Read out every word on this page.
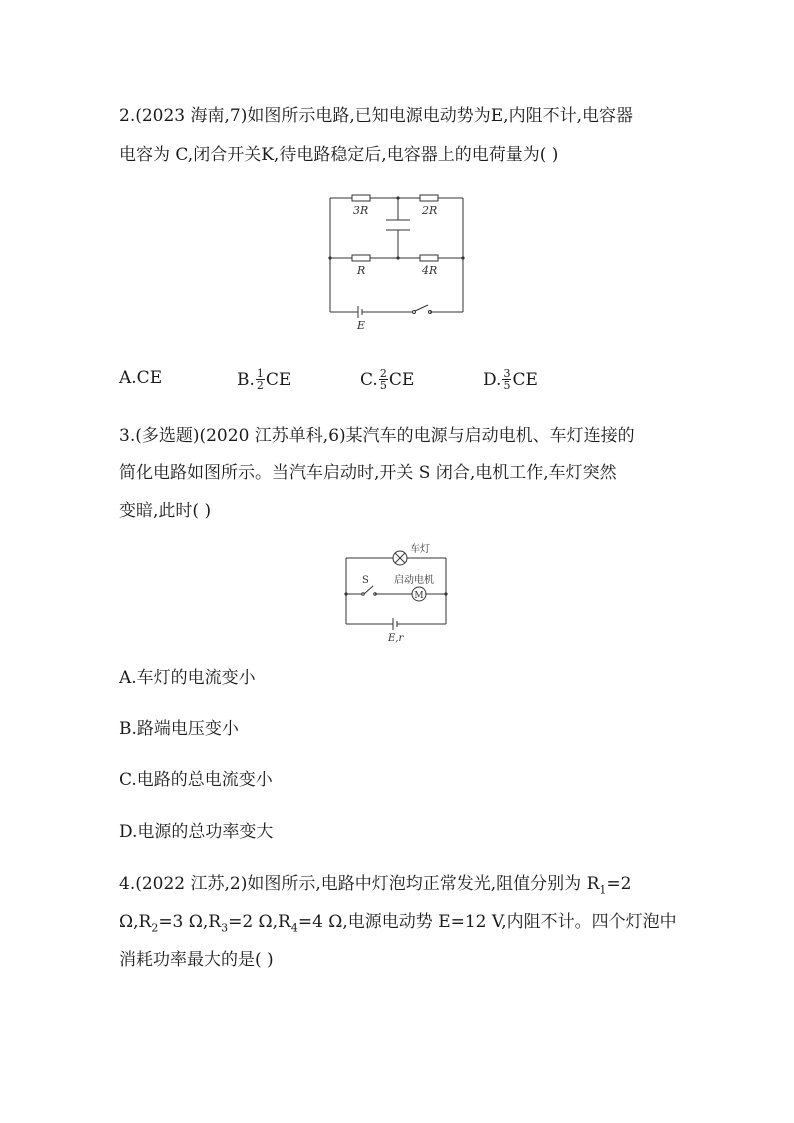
2.(2023 海南,7)如图所示电路,已知电源电动势为E,内阻不计,电容器
电容为 C,闭合开关K,待电路稳定后,电容器上的电荷量为( )
3R	2R
R	4R
E
A.CE	B. $\frac{1}{2}$ CE	C. $\frac{2}{5}$ CE	D. $\frac{3}{5}$ CE
3.(多选题)(2020 江苏单科,6)某汽车的电源与启动电机、车灯连接的
简化电路如图所示。当汽车启动时,开关 S 闭合,电机工作,车灯突然
变暗,此时( )
车灯
S	启动电机
M
E,r
A.车灯的电流变小
B.路端电压变小
C.电路的总电流变小
D.电源的总功率变大
4.(2022 江苏,2)如图所示,电路中灯泡均正常发光,阻值分别为 $R_1=2$
$\Omega,R_2=3$ $\Omega,R_3=2$ $\Omega,R_4=4$ Ω,电源电动势 E=12 V,内阻不计。四个灯泡中
消耗功率最大的是( )
